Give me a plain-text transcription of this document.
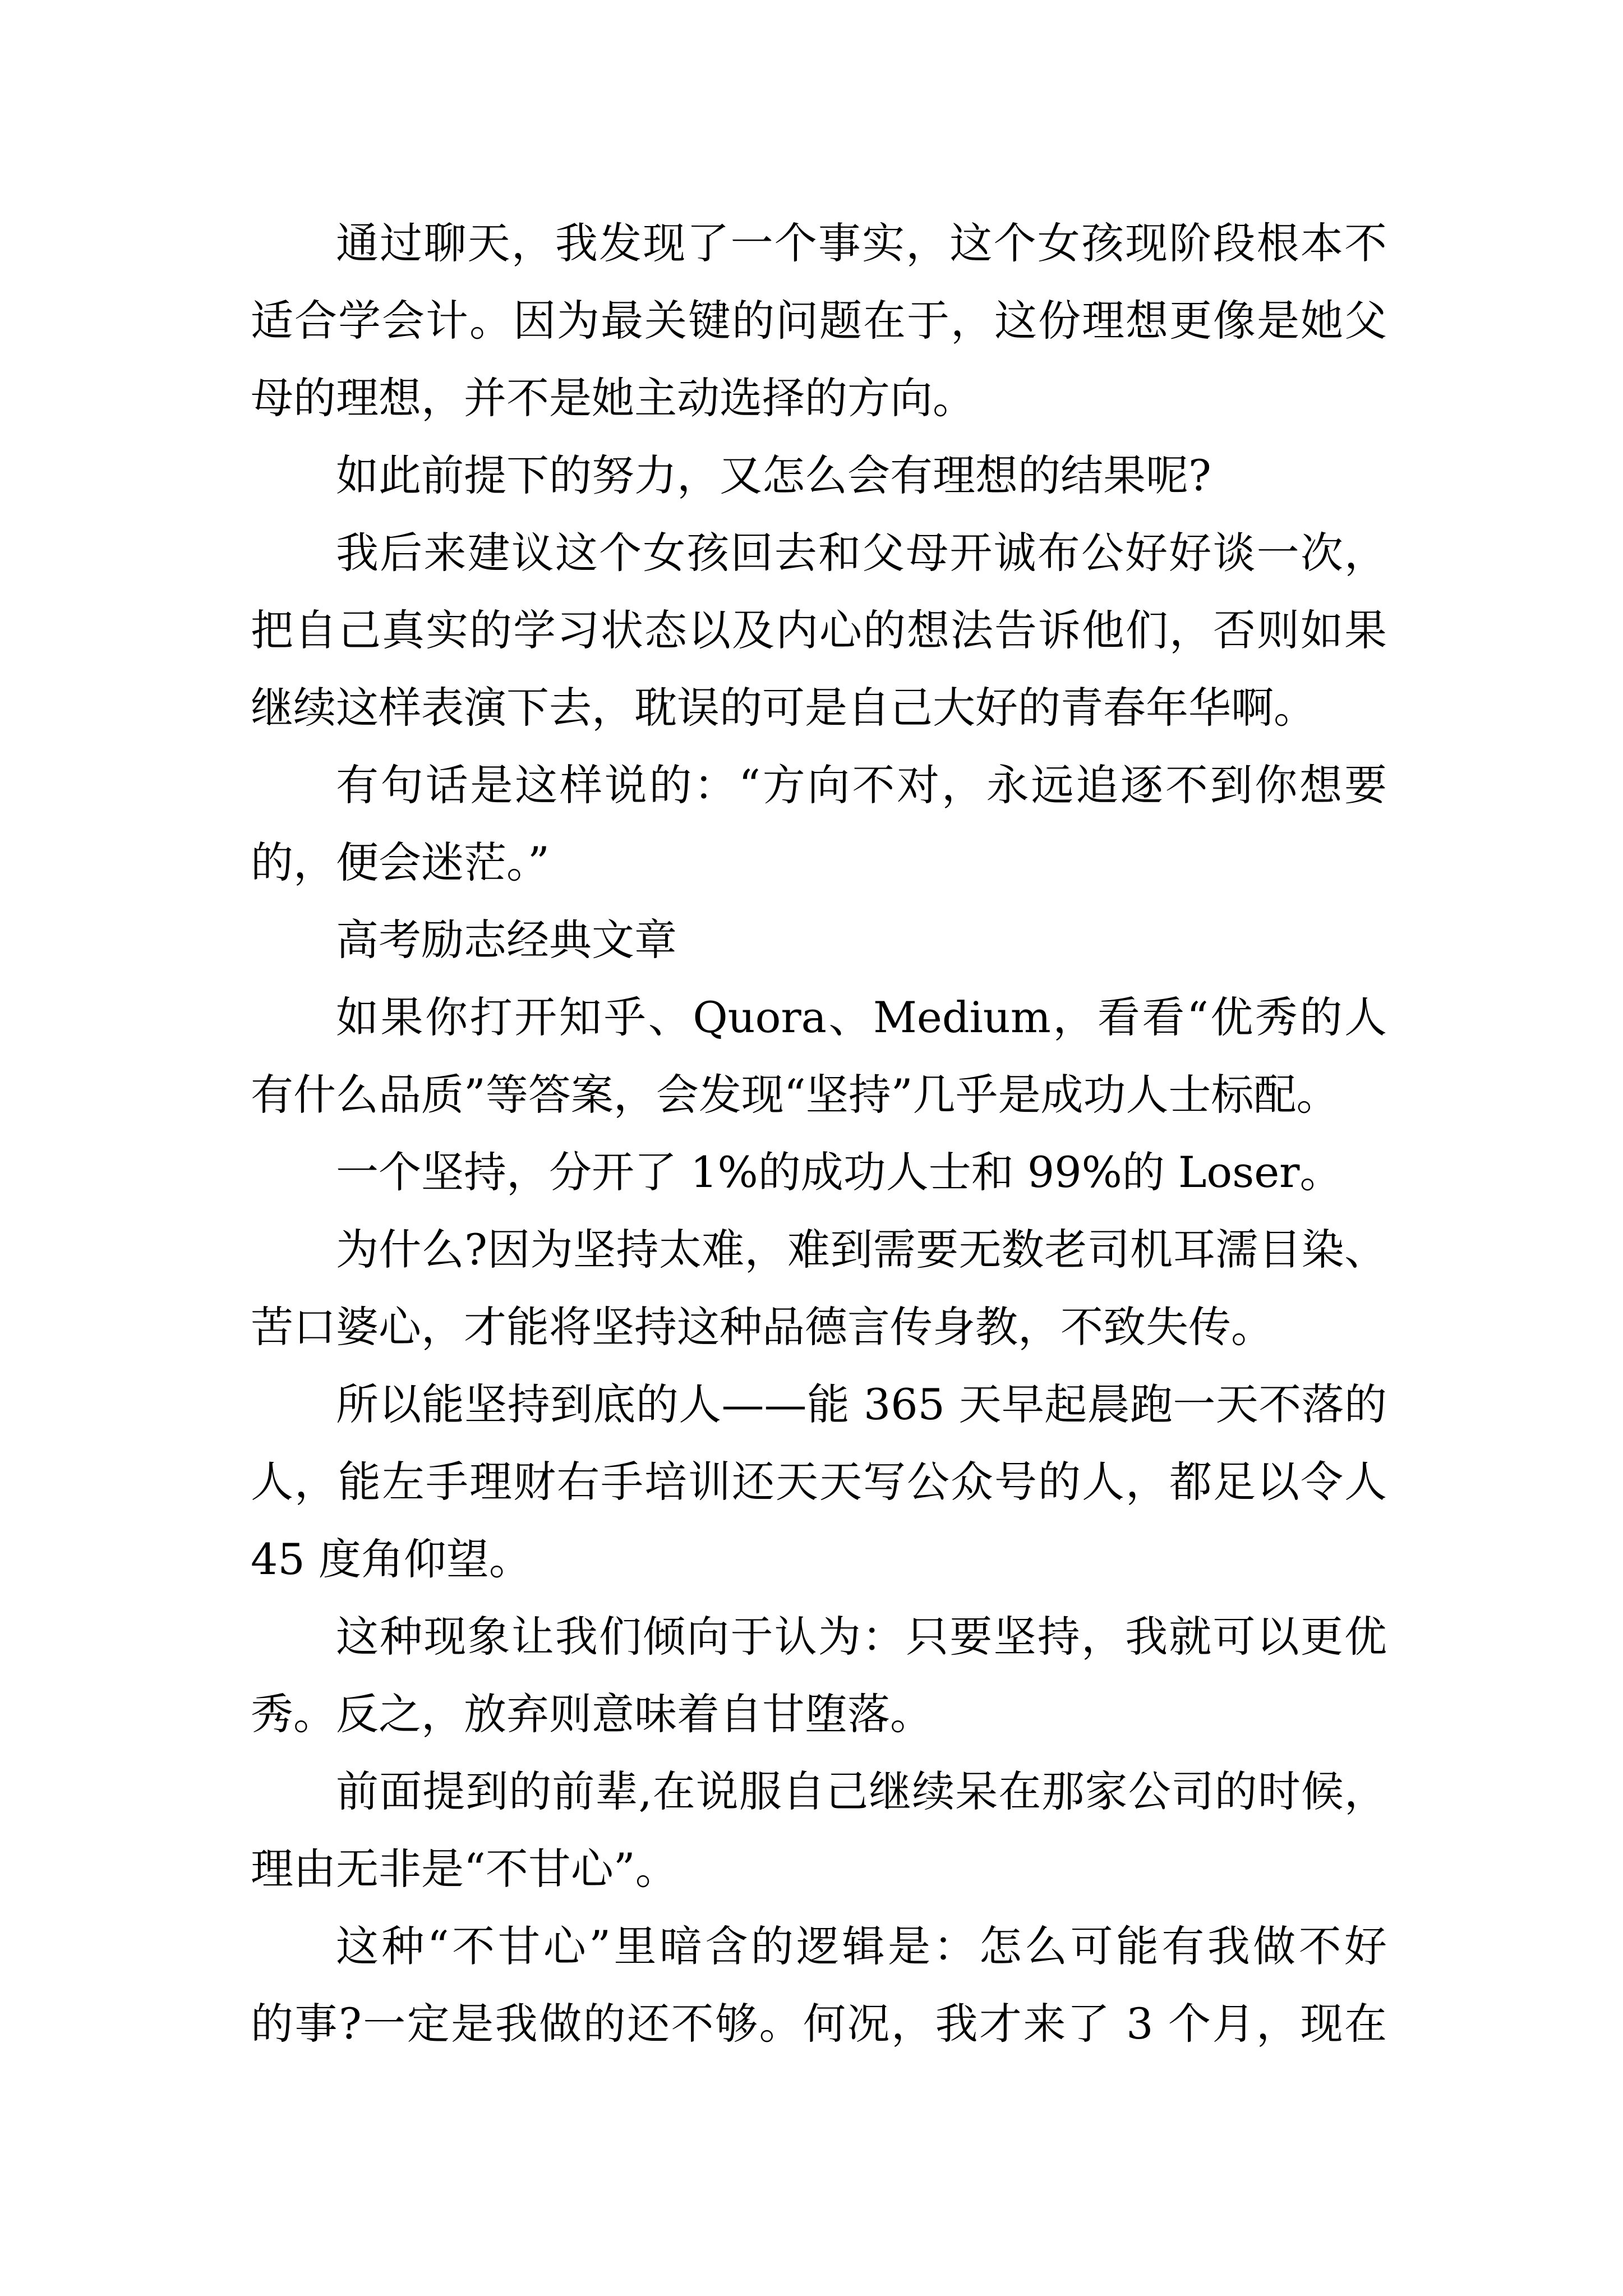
通过聊天，我发现了一个事实，这个女孩现阶段根本不
适合学会计。因为最关键的问题在于，这份理想更像是她父
母的理想，并不是她主动选择的方向。
如此前提下的努力，又怎么会有理想的结果呢?
我后来建议这个女孩回去和父母开诚布公好好谈一次，
把自己真实的学习状态以及内心的想法告诉他们，否则如果
继续这样表演下去，耽误的可是自己大好的青春年华啊。
有句话是这样说的：“方向不对，永远追逐不到你想要
的，便会迷茫。”
高考励志经典文章
如果你打开知乎、Quora、Medium，看看“优秀的人
有什么品质”等答案，会发现“坚持”几乎是成功人士标配。
一个坚持，分开了 1%的成功人士和 99%的 Loser。
为什么?因为坚持太难，难到需要无数老司机耳濡目染、
苦口婆心，才能将坚持这种品德言传身教，不致失传。
所以能坚持到底的人——能 365 天早起晨跑一天不落的
人，能左手理财右手培训还天天写公众号的人，都足以令人
45 度角仰望。
这种现象让我们倾向于认为：只要坚持，我就可以更优
秀。反之，放弃则意味着自甘堕落。
前面提到的前辈,在说服自己继续呆在那家公司的时候，
理由无非是“不甘心”。
这种“不甘心”里暗含的逻辑是：怎么可能有我做不好
的事?一定是我做的还不够。何况，我才来了 3 个月，现在
